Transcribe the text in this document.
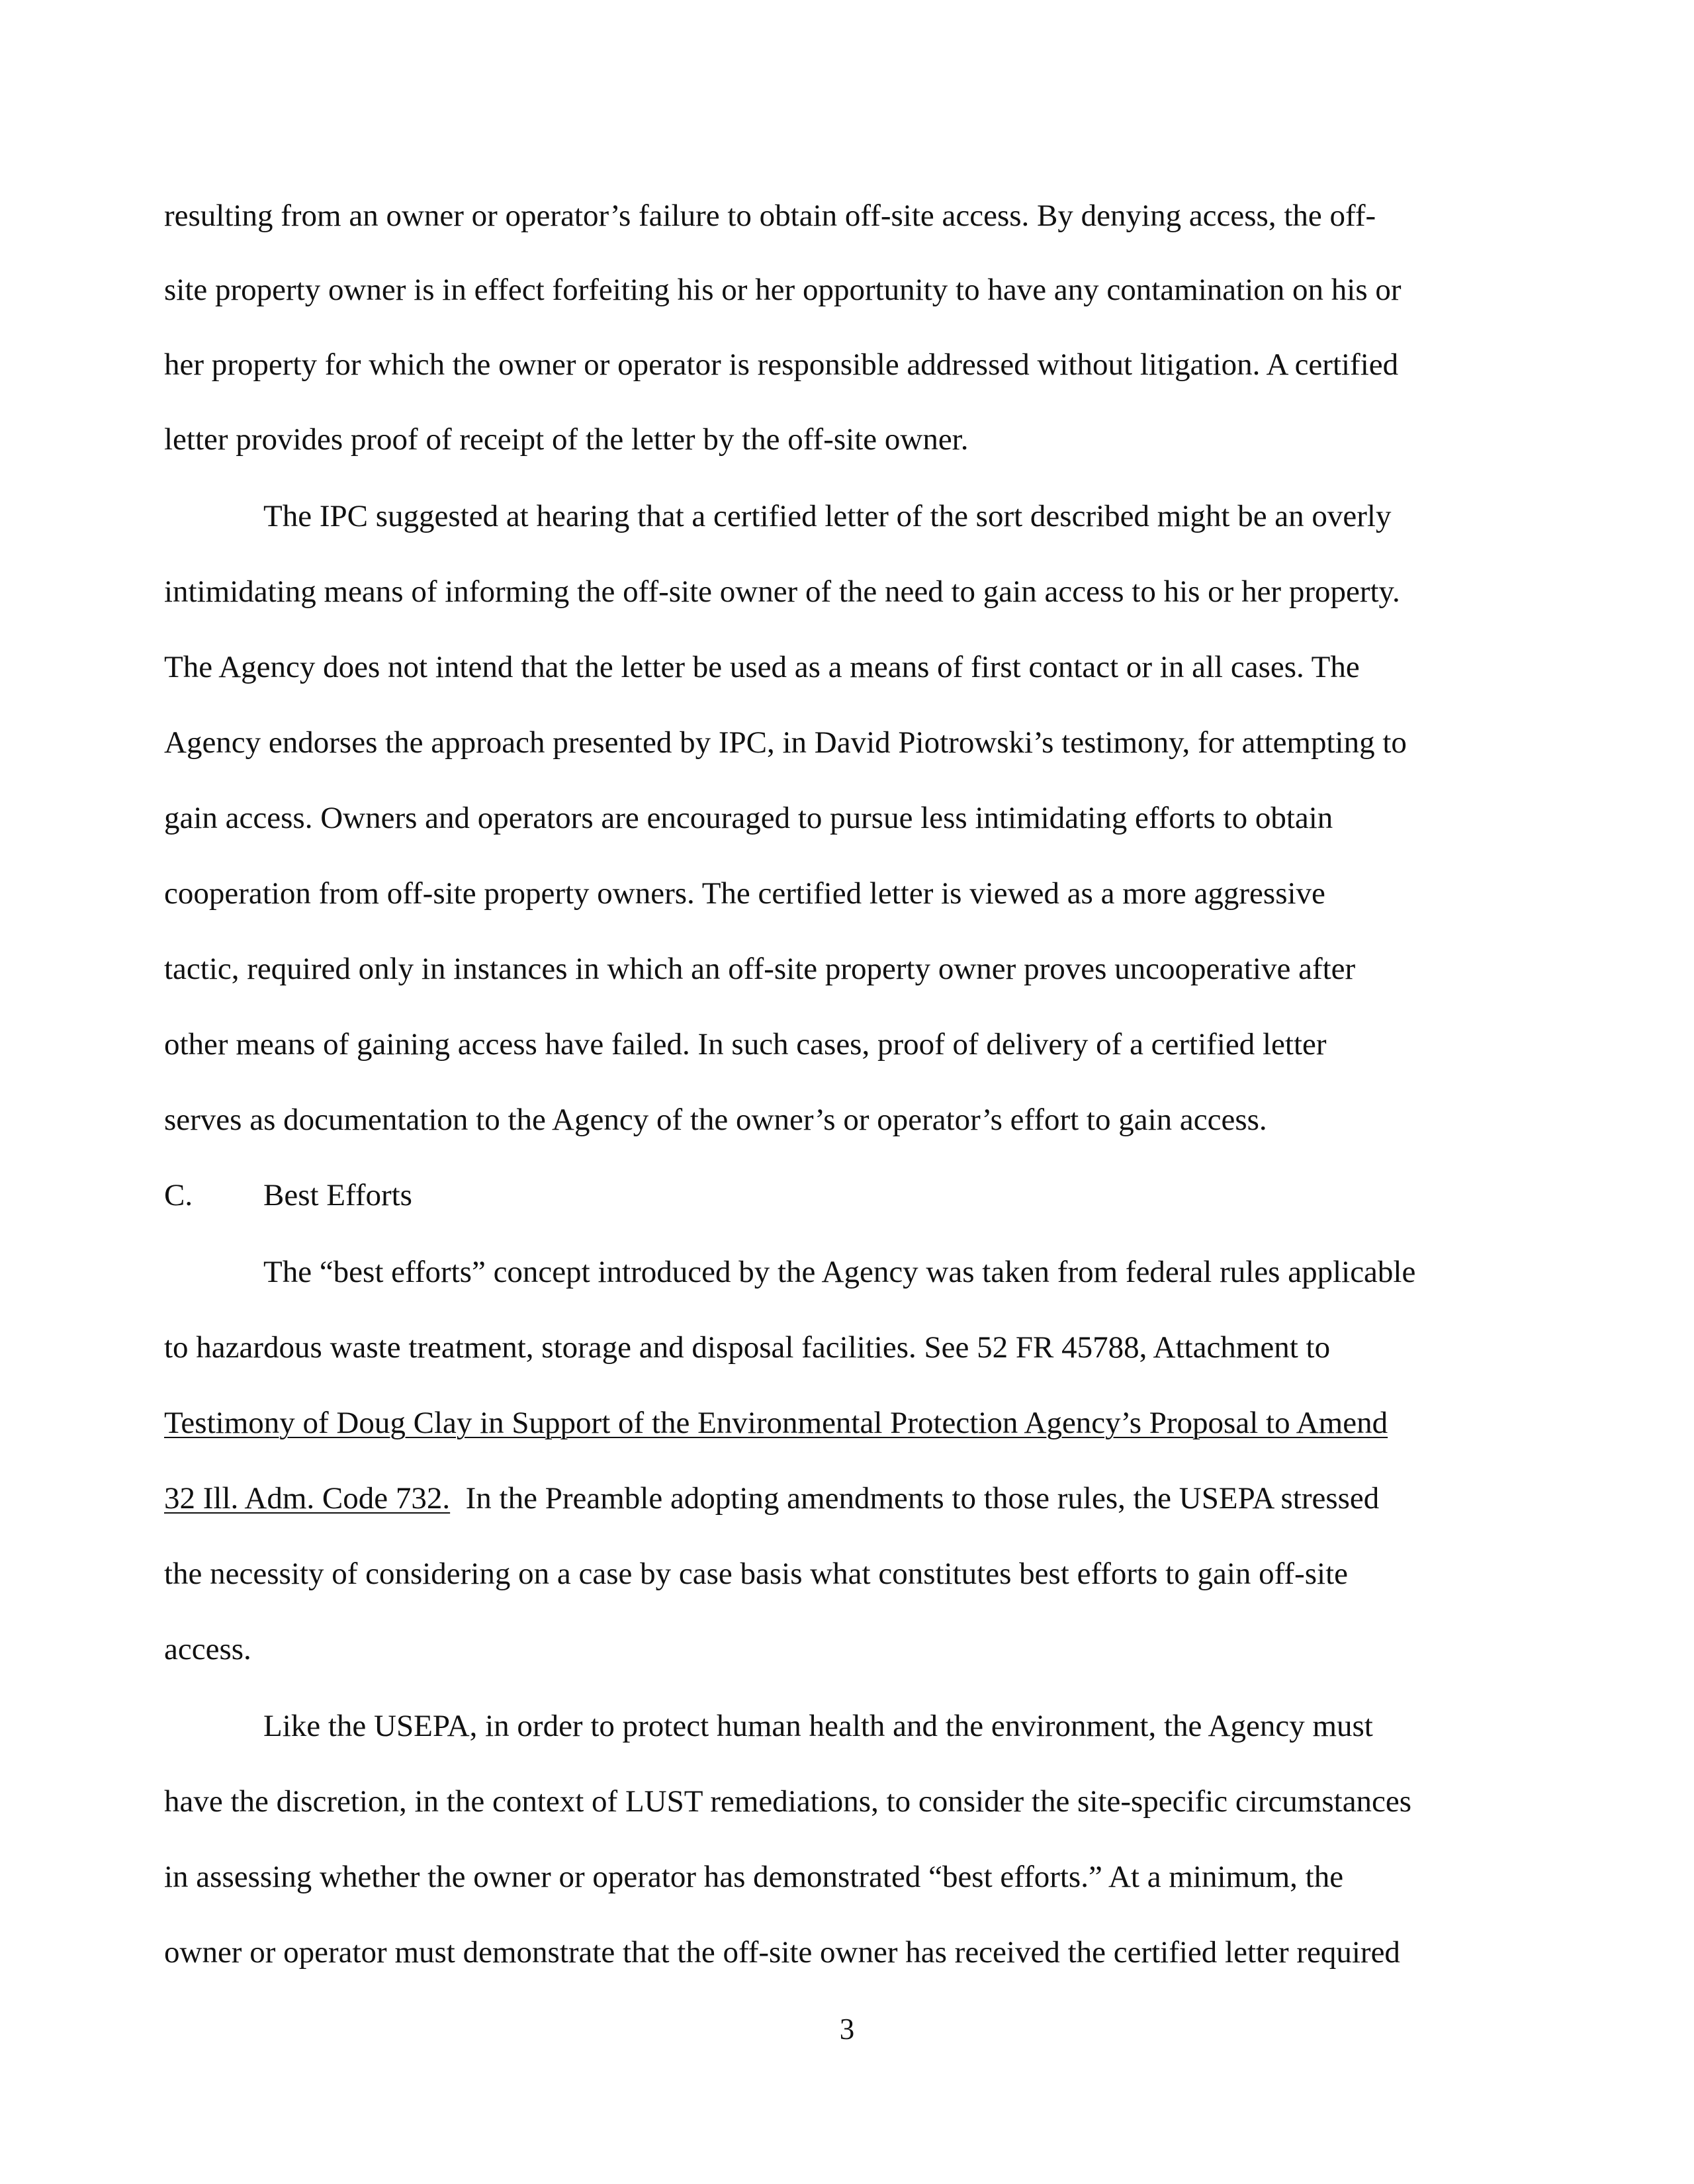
resulting from an owner or operator’s failure to obtain off-site access. By denying access, the off-
site property owner is in effect forfeiting his or her opportunity to have any contamination on his or
her property for which the owner or operator is responsible addressed without litigation. A certified
letter provides proof of receipt of the letter by the off-site owner.
The IPC suggested at hearing that a certified letter of the sort described might be an overly
intimidating means of informing the off-site owner of the need to gain access to his or her property.
The Agency does not intend that the letter be used as a means of first contact or in all cases. The
Agency endorses the approach presented by IPC, in David Piotrowski’s testimony, for attempting to
gain access. Owners and operators are encouraged to pursue less intimidating efforts to obtain
cooperation from off-site property owners. The certified letter is viewed as a more aggressive
tactic, required only in instances in which an off-site property owner proves uncooperative after
other means of gaining access have failed. In such cases, proof of delivery of a certified letter
serves as documentation to the Agency of the owner’s or operator’s effort to gain access.
C. Best Efforts
The “best efforts” concept introduced by the Agency was taken from federal rules applicable
to hazardous waste treatment, storage and disposal facilities. See 52 FR 45788, Attachment to
Testimony of Doug Clay in Support of the Environmental Protection Agency’s Proposal to Amend
32 Ill. Adm. Code 732.  In the Preamble adopting amendments to those rules, the USEPA stressed
the necessity of considering on a case by case basis what constitutes best efforts to gain off-site
access.
Like the USEPA, in order to protect human health and the environment, the Agency must
have the discretion, in the context of LUST remediations, to consider the site-specific circumstances
in assessing whether the owner or operator has demonstrated “best efforts.” At a minimum, the
owner or operator must demonstrate that the off-site owner has received the certified letter required
3
